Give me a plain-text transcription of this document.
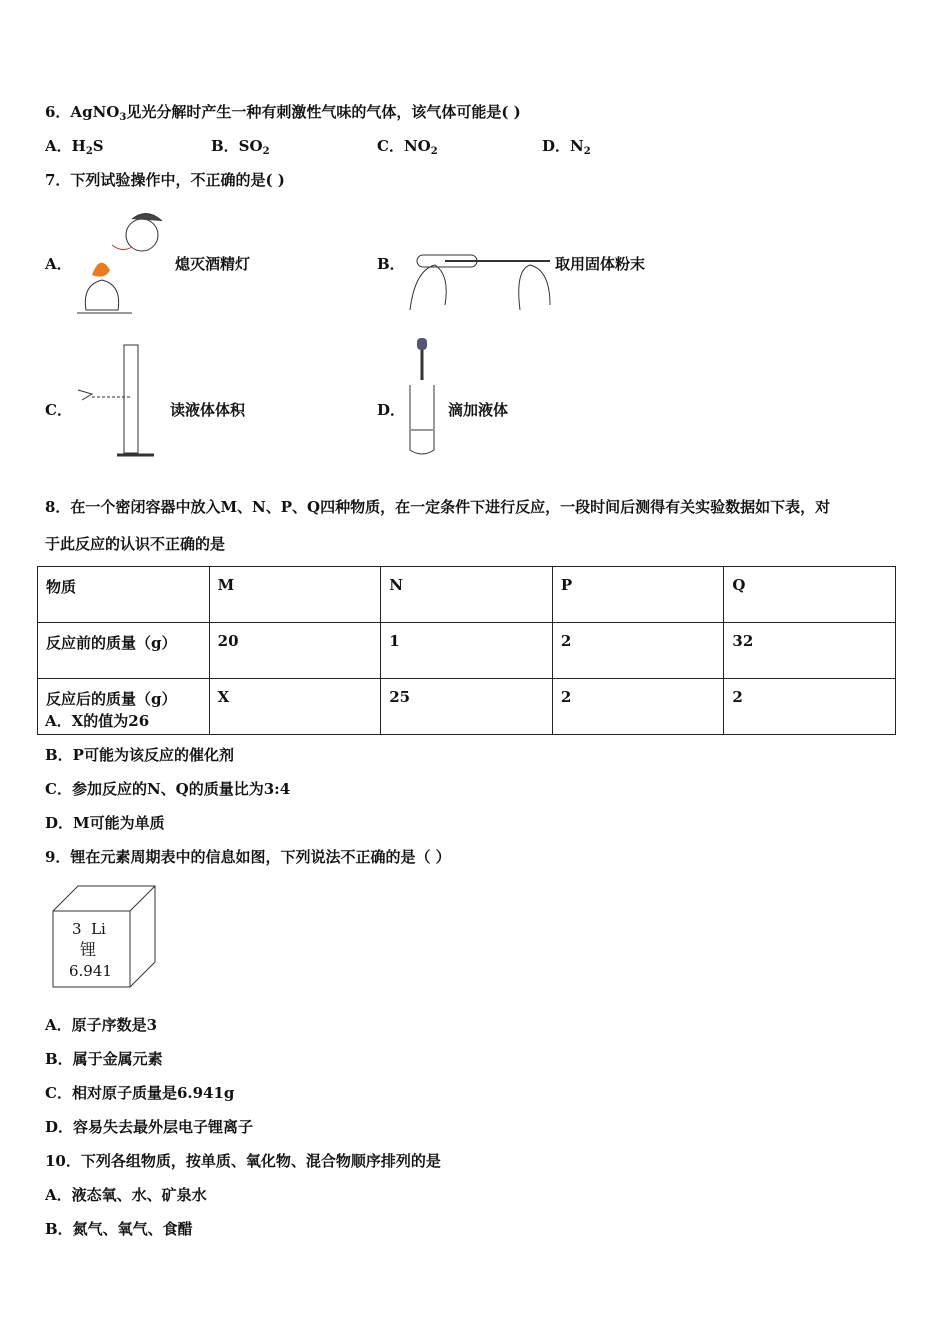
6．AgNO$_3$见光分解时产生一种有刺激性气味的气体，该气体可能是( )
A．$H_2S$	B．$SO_2$	C．$NO_2$	D．$N_2$
7．下列试验操作中，不正确的是( )
A．	熄灭酒精灯	B．	取用固体粉末
C．	读液体体积	D．	滴加液体
8．在一个密闭容器中放入M、N、P、Q四种物质，在一定条件下进行反应，一段时间后测得有关实验数据如下表，对
于此反应的认识不正确的是
物质	M	N	P	Q
反应前的质量（g）	20	1	2	32
反应后的质量（g）	X	25	2	2
A．X的值为26
B．P可能为该反应的催化剂
C．参加反应的N、Q的质量比为3:4
D．M可能为单质
9．锂在元素周期表中的信息如图，下列说法不正确的是（ ）
3 Li
锂
6.941
A．原子序数是3
B．属于金属元素
C．相对原子质量是6.941g
D．容易失去最外层电子锂离子
10．下列各组物质，按单质、氧化物、混合物顺序排列的是
A．液态氧、水、矿泉水
B．氮气、氧气、食醋
